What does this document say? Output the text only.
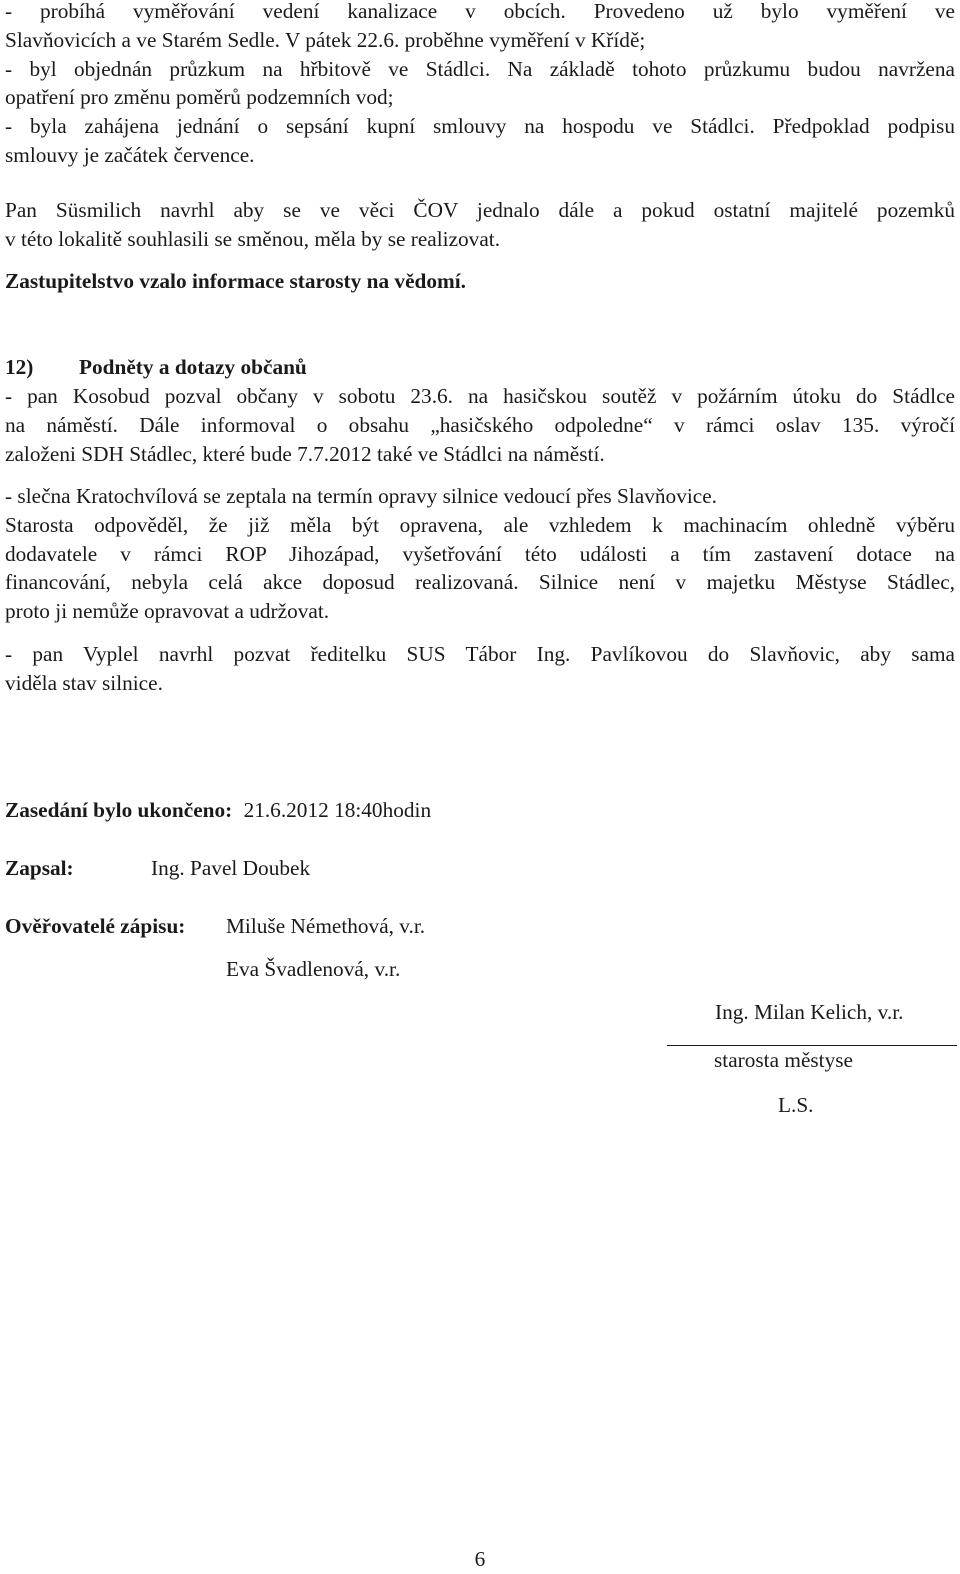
- probíhá vyměřování vedení kanalizace v obcích. Provedeno už bylo vyměření ve

Slavňovicích a ve Starém Sedle. V pátek 22.6. proběhne vyměření v Křídě;

- byl objednán průzkum na hřbitově ve Stádlci. Na základě tohoto průzkumu budou navržena

opatření pro změnu poměrů podzemních vod;

- byla zahájena jednání o sepsání kupní smlouvy na hospodu ve Stádlci. Předpoklad podpisu

smlouvy je začátek července.

Pan Süsmilich navrhl aby se ve věci ČOV jednalo dále a pokud ostatní majitelé pozemků

v této lokalitě souhlasili se směnou, měla by se realizovat.

Zastupitelstvo vzalo informace starosty na vědomí.

12) Podněty a dotazy občanů

- pan Kosobud pozval občany v sobotu 23.6. na hasičskou soutěž v požárním útoku do Stádlce

na náměstí. Dále informoval o obsahu „hasičského odpoledne“ v rámci oslav 135. výročí

založeni SDH Stádlec, které bude 7.7.2012 také ve Stádlci na náměstí.

- slečna Kratochvílová se zeptala na termín opravy silnice vedoucí přes Slavňovice.

Starosta odpověděl, že již měla být opravena, ale vzhledem k machinacím ohledně výběru

dodavatele v rámci ROP Jihozápad, vyšetřování této události a tím zastavení dotace na

financování, nebyla celá akce doposud realizovaná. Silnice není v majetku Městyse Stádlec,

proto ji nemůže opravovat a udržovat.

- pan Vyplel navrhl pozvat ředitelku SUS Tábor Ing. Pavlíkovou do Slavňovic, aby sama

viděla stav silnice.

Zasedání bylo ukončeno: 21.6.2012 18:40hodin
Zapsal:	Ing. Pavel Doubek
Ověřovatelé zápisu: Miluše Némethová, v.r.
Eva Švadlenová, v.r.
Ing. Milan Kelich, v.r.
starosta městyse
L.S.
6
